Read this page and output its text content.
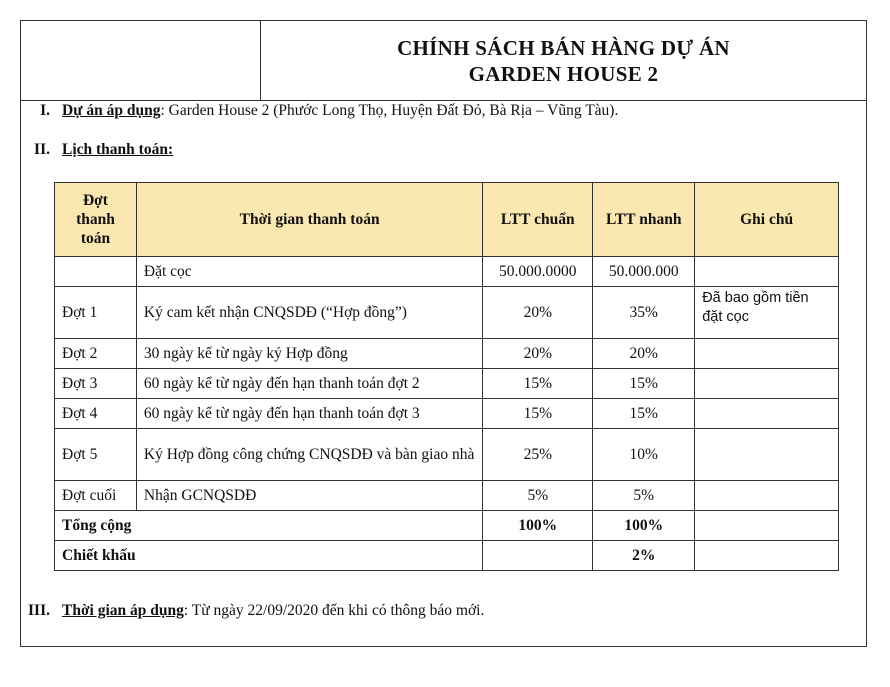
CHÍNH SÁCH BÁN HÀNG DỰ ÁN
GARDEN HOUSE 2
I. Dự án áp dụng: Garden House 2 (Phước Long Thọ, Huyện Đất Đỏ, Bà Rịa – Vũng Tàu).
II. Lịch thanh toán:
Đợt thanh toán	Thời gian thanh toán	LTT chuẩn	LTT nhanh	Ghi chú
	Đặt cọc	50.000.0000	50.000.000	
Đợt 1	Ký cam kết nhận CNQSDĐ (“Hợp đồng”)	20%	35%	Đã bao gồm tiền đặt cọc
Đợt 2	30 ngày kể từ ngày ký Hợp đồng	20%	20%	
Đợt 3	60 ngày kể từ ngày đến hạn thanh toán đợt 2	15%	15%	
Đợt 4	60 ngày kể từ ngày đến hạn thanh toán đợt 3	15%	15%	
Đợt 5	Ký Hợp đồng công chứng CNQSDĐ và bàn giao nhà	25%	10%	
Đợt cuối	Nhận GCNQSDĐ	5%	5%	
Tổng cộng		100%	100%	
Chiết khấu			2%	
III. Thời gian áp dụng: Từ ngày 22/09/2020 đến khi có thông báo mới.
